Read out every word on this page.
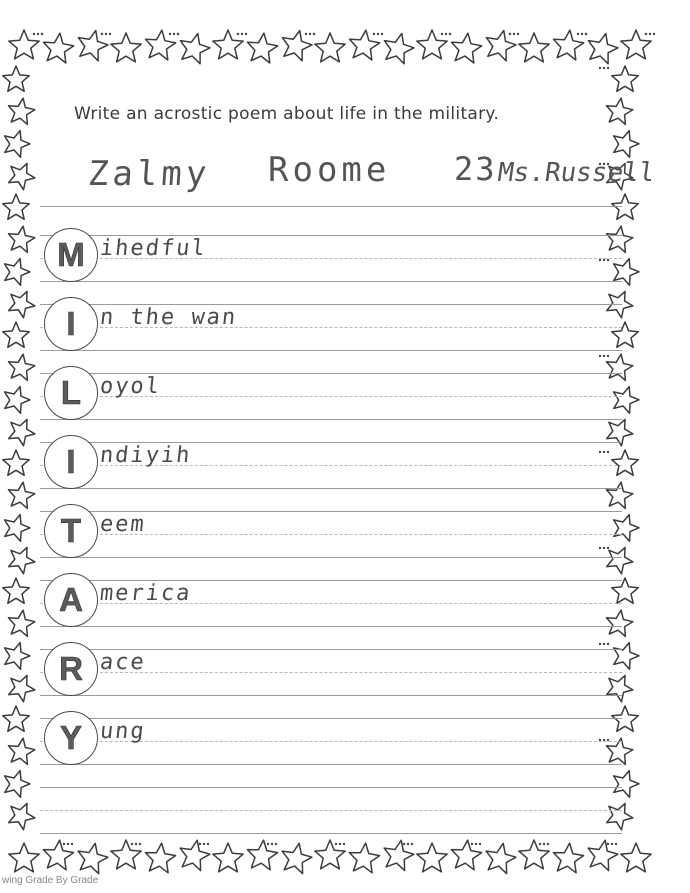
Write an acrostic poem about life in the military.
Zalmy Roome 23 Ms.Russell
M ihedful
I n the wan
L oyol
I ndiyih
T eem
A merica
R ace
Y ung
wing Grade By Grade
